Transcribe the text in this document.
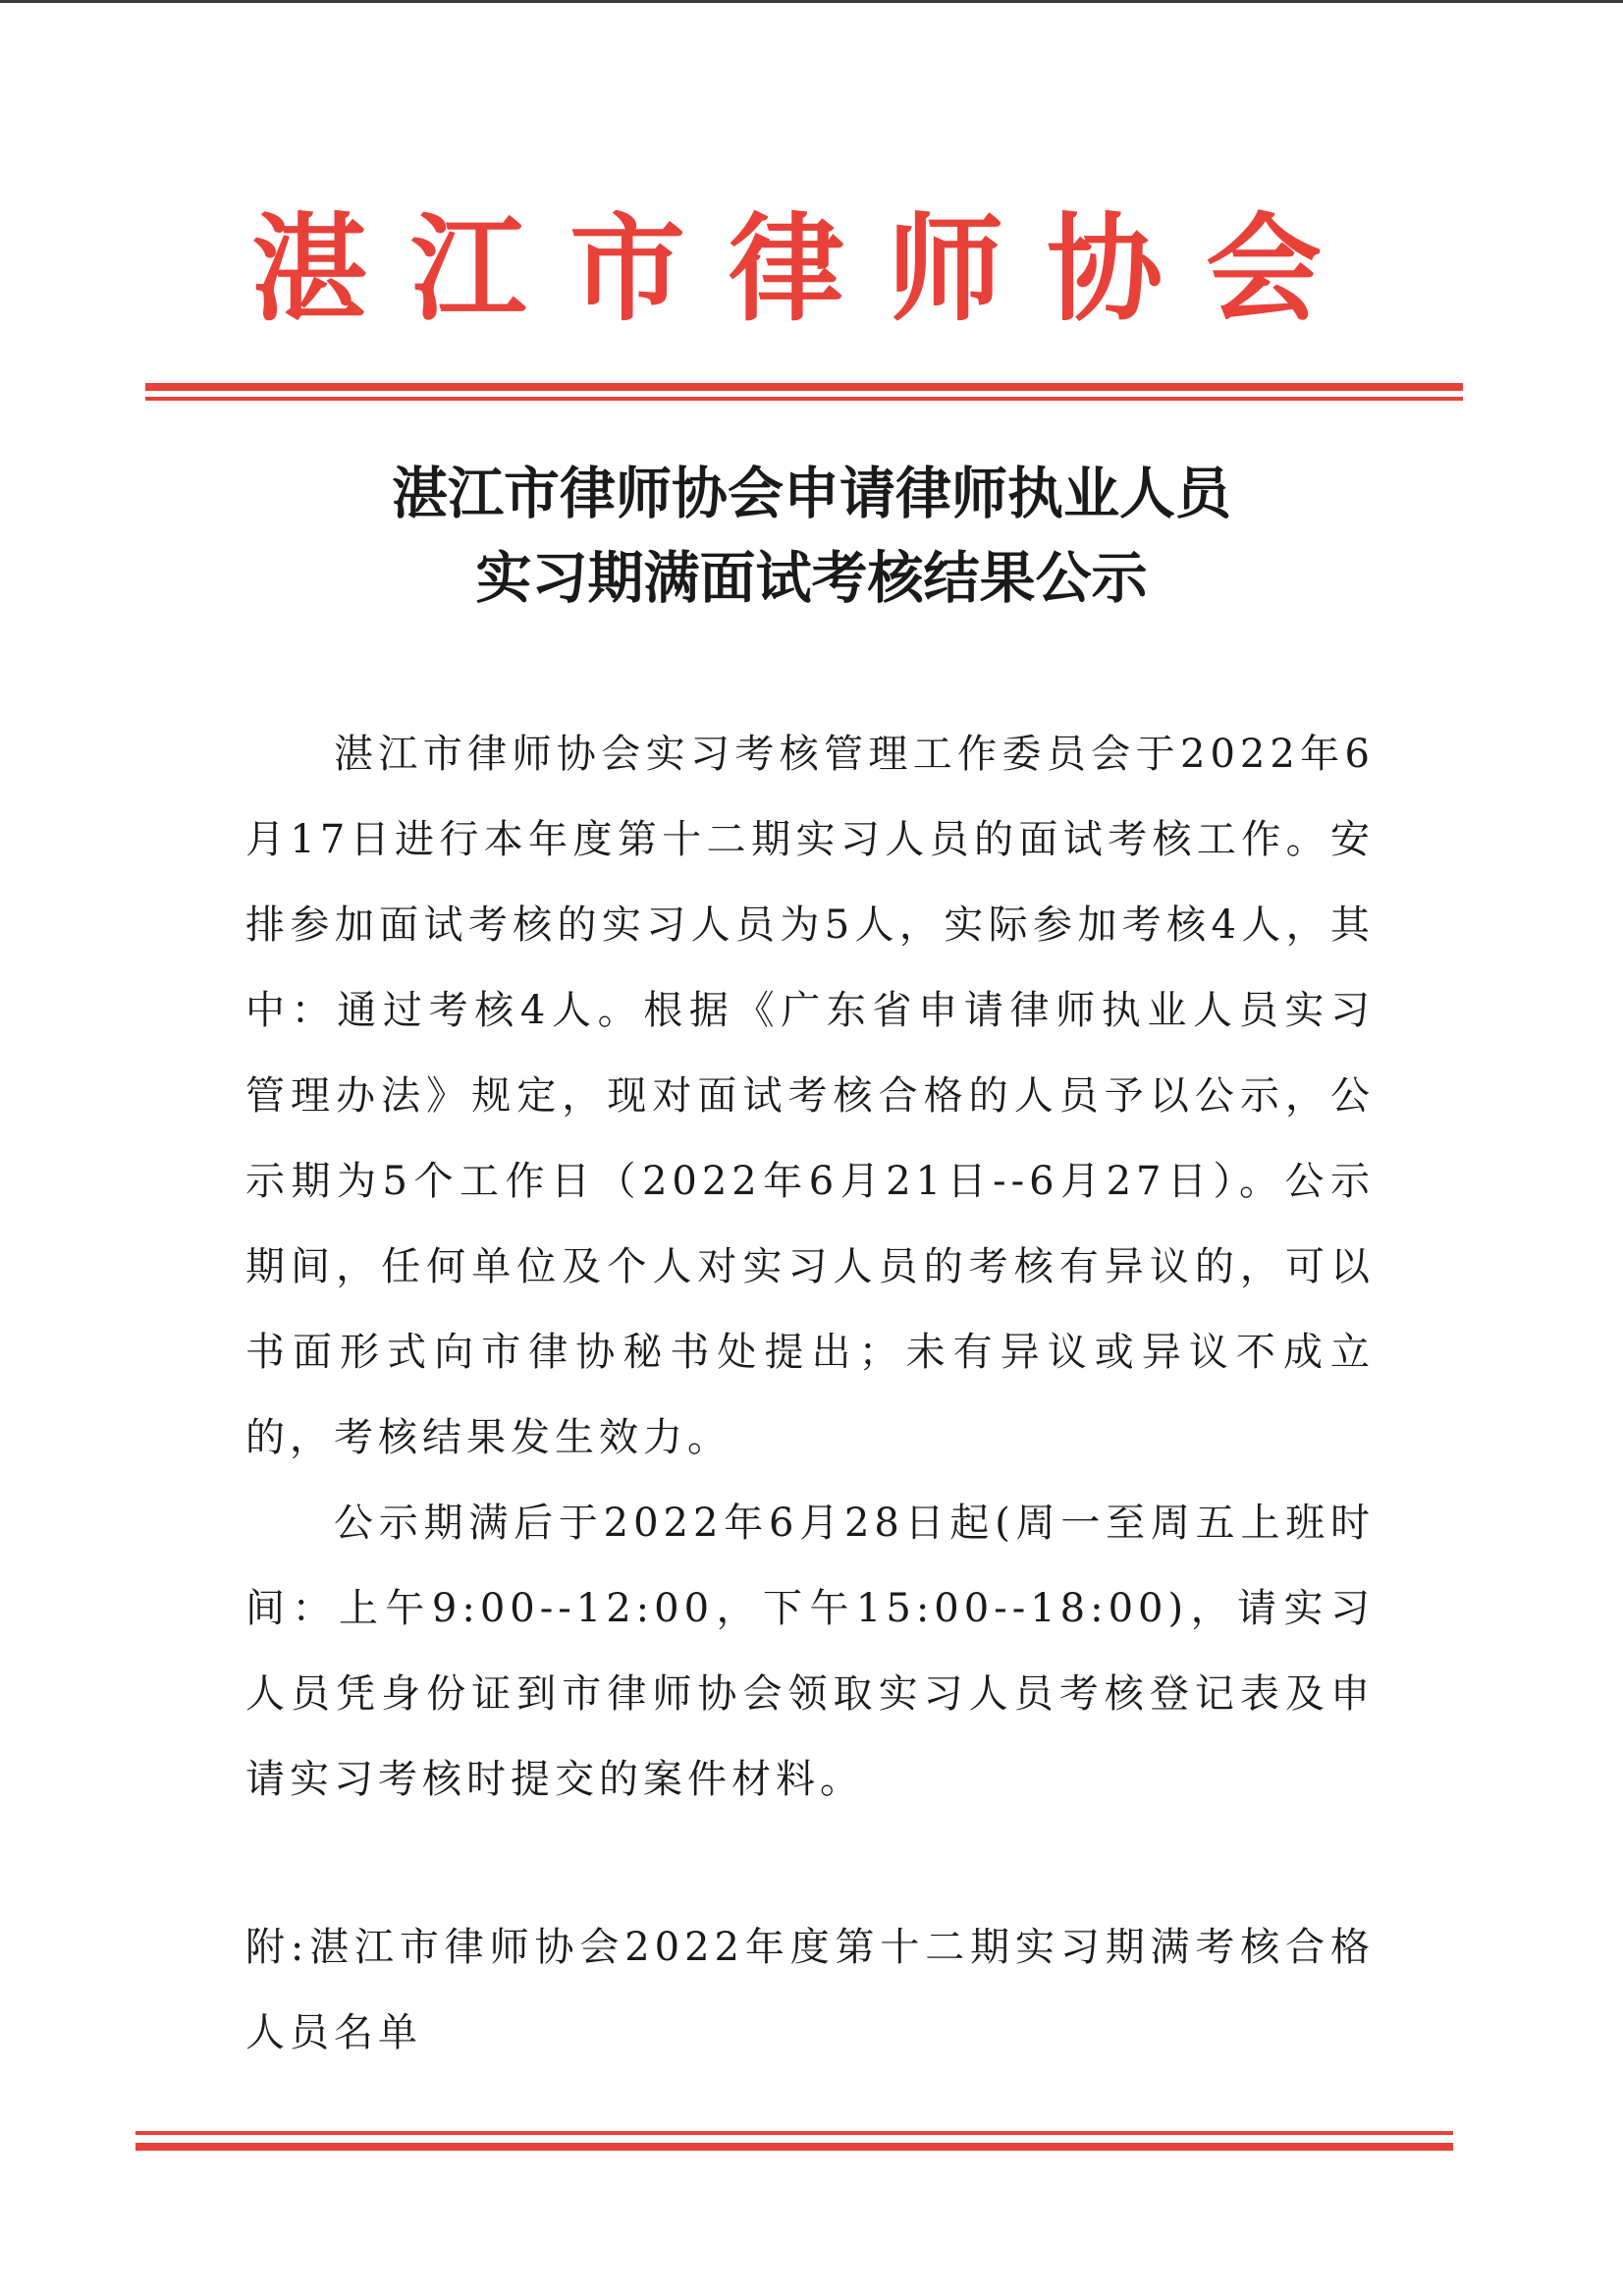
湛江市律师协会
湛江市律师协会申请律师执业人员
实习期满面试考核结果公示

湛江市律师协会实习考核管理工作委员会于2022年6月17日进行本年度第十二期实习人员的面试考核工作。安排参加面试考核的实习人员为5人，实际参加考核4人，其中：通过考核4人。根据《广东省申请律师执业人员实习管理办法》规定，现对面试考核合格的人员予以公示，公示期为5个工作日（2022年6月21日--6月27日）。公示期间，任何单位及个人对实习人员的考核有异议的，可以书面形式向市律协秘书处提出；未有异议或异议不成立的，考核结果发生效力。

公示期满后于2022年6月28日起(周一至周五上班时间：上午9:00--12:00，下午15:00--18:00)，请实习人员凭身份证到市律师协会领取实习人员考核登记表及申请实习考核时提交的案件材料。

附:湛江市律师协会2022年度第十二期实习期满考核合格人员名单
